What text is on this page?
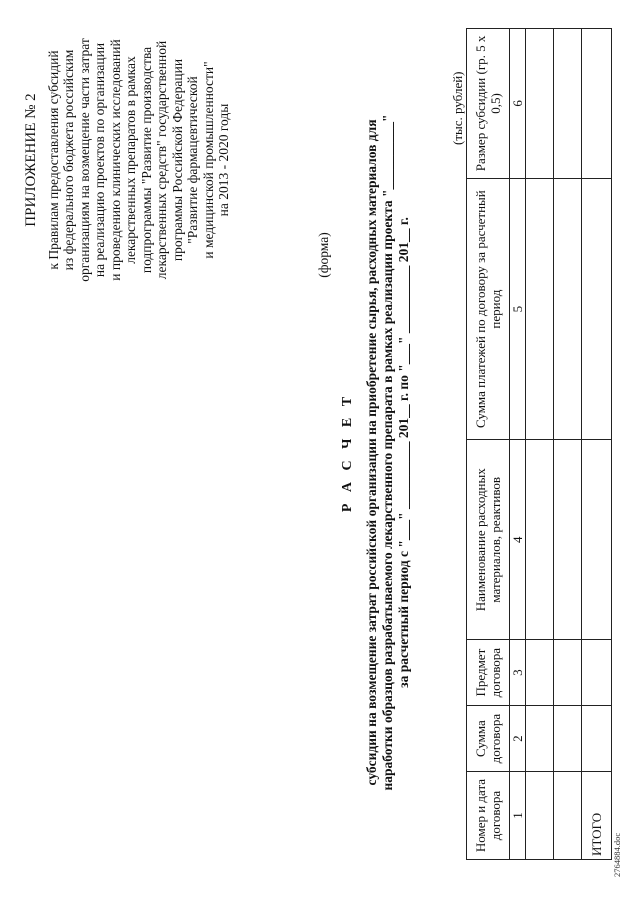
ПРИЛОЖЕНИЕ № 2 к Правилам предоставления субсидий из федерального бюджета российским организациям на возмещение части затрат на реализацию проектов по организации и проведению клинических исследований лекарственных препаратов в рамках подпрограммы "Развитие производства лекарственных средств" государственной программы Российской Федерации "Развитие фармацевтической и медицинской промышленности" на 2013 - 2020 годы
(форма)
Р А С Ч Е Т субсидии на возмещение затрат российской организации на приобретение сырья, расходных материалов для наработки образцов разрабатываемого лекарственного препарата в рамках реализации проекта "__________" за расчетный период с "___" __________ 201__ г. по "___" __________ 201__ г.
(тыс. рублей)
Номер и дата договора	Сумма договора	Предмет договора	Наименование расходных материалов, реактивов	Сумма платежей по договору за расчетный период	Размер субсидии (гр. 5 х 0,5)
1	2	3	4	5	6

ИТОГО					2764884.doc
